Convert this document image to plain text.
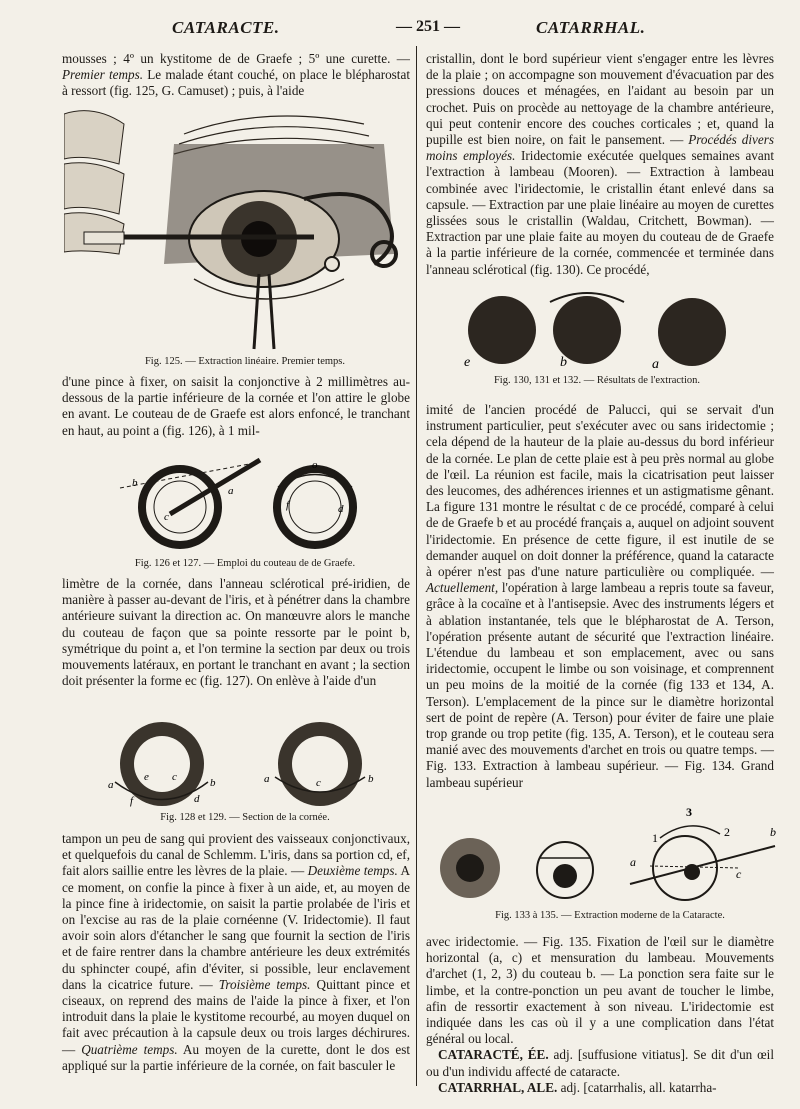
CATARACTE.	— 251 —	CATARRHAL.

mousses ; 4º un kystitome de de Graefe ; 5º une curette. — Premier temps. Le malade étant couché, on place le blépharostat à ressort (fig. 125, G. Camuset) ; puis, à l'aide

Fig. 125. — Extraction linéaire. Premier temps.

d'une pince à fixer, on saisit la conjonctive à 2 millimètres au-dessous de la partie inférieure de la cornée et l'on attire le globe en avant. Le couteau de de Graefe est alors enfoncé, le tranchant en haut, au point a (fig. 126), à 1 mil-

b
a
c
o
f	d
Fig. 126 et 127. — Emploi du couteau de de Graefe.

limètre de la cornée, dans l'anneau sclérotical pré-iridien, de manière à passer au-devant de l'iris, et à pénétrer dans la chambre antérieure suivant la direction ac. On manœuvre alors le manche du couteau de façon que sa pointe ressorte par le point b, symétrique du point a, et l'on termine la section par deux ou trois mouvements latéraux, en portant le tranchant en avant ; la section doit présenter la forme ec (fig. 127). On enlève à l'aide d'un

a	b
c
e
f	d
a	b
c
Fig. 128 et 129. — Section de la cornée.

tampon un peu de sang qui provient des vaisseaux conjonctivaux, et quelquefois du canal de Schlemm. L'iris, dans sa portion cd, ef, fait alors saillie entre les lèvres de la plaie. — Deuxième temps. A ce moment, on confie la pince à fixer à un aide, et, au moyen de la pince fine à iridectomie, on saisit la partie prolabée de l'iris et on l'excise au ras de la plaie cornéenne (V. Iridectomie). Il faut avoir soin alors d'étancher le sang que fournit la section de l'iris et de faire rentrer dans la chambre antérieure les deux extrémités du sphincter coupé, afin d'éviter, si possible, leur enclavement dans la cicatrice future. — Troisième temps. Quittant pince et ciseaux, on reprend des mains de l'aide la pince à fixer, et l'on introduit dans la plaie le kystitome recourbé, au moyen duquel on fait avec précaution à la capsule deux ou trois larges déchirures. — Quatrième temps. Au moyen de la curette, dont le dos est appliqué sur la partie inférieure de la cornée, on fait basculer le

cristallin, dont le bord supérieur vient s'engager entre les lèvres de la plaie ; on accompagne son mouvement d'évacuation par des pressions douces et ménagées, en l'aidant au besoin par un crochet. Puis on procède au nettoyage de la chambre antérieure, qui peut contenir encore des couches corticales ; et, quand la pupille est bien noire, on fait le pansement. — Procédés divers moins employés. Iridectomie exécutée quelques semaines avant l'extraction à lambeau (Mooren). — Extraction à lambeau combinée avec l'iridectomie, le cristallin étant enlevé dans sa capsule. — Extraction par une plaie linéaire au moyen de curettes glissées sous le cristallin (Waldau, Critchett, Bowman). — Extraction par une plaie faite au moyen du couteau de de Graefe à la partie inférieure de la cornée, commencée et terminée dans l'anneau sclérotical (fig. 130). Ce procédé,

e	b	a
Fig. 130, 131 et 132. — Résultats de l'extraction.

imité de l'ancien procédé de Palucci, qui se servait d'un instrument particulier, peut s'exécuter avec ou sans iridectomie ; cela dépend de la hauteur de la plaie au-dessus du bord inférieur de la cornée. Le plan de cette plaie est à peu près normal au globe de l'œil. La réunion est facile, mais la cicatrisation peut laisser des leucomes, des adhérences iriennes et un astigmatisme gênant. La figure 131 montre le résultat c de ce procédé, comparé à celui de de Graefe b et au procédé français a, auquel on adjoint souvent l'iridectomie. En présence de cette figure, il est inutile de se demander auquel on doit donner la préférence, quand la cataracte à opérer n'est pas d'une nature particulière ou compliquée. — Actuellement, l'opération à large lambeau a repris toute sa faveur, grâce à la cocaïne et à l'antisepsie. Avec des instruments légers et à ablation instantanée, tels que le blépharostat de A. Terson, l'opération présente autant de sécurité que l'extraction linéaire. L'étendue du lambeau et son emplacement, avec ou sans iridectomie, occupent le limbe ou son voisinage, et comprennent un peu moins de la moitié de la cornée (fig 133 et 134, A. Terson). L'emplacement de la pince sur le diamètre horizontal sert de point de repère (A. Terson) pour éviter de faire une plaie trop grande ou trop petite (fig. 135, A. Terson), et le couteau sera manié avec des mouvements d'archet en trois ou quatre temps. — Fig. 133. Extraction à lambeau supérieur. — Fig. 134. Grand lambeau supérieur

1	2
3
a
b
c
Fig. 133 à 135. — Extraction moderne de la Cataracte.

avec iridectomie. — Fig. 135. Fixation de l'œil sur le diamètre horizontal (a, c) et mensuration du lambeau. Mouvements d'archet (1, 2, 3) du couteau b. — La ponction sera faite sur le limbe, et la contre-ponction un peu avant de toucher le limbe, afin de ressortir exactement à son niveau. L'iridectomie est indiquée dans les cas où il y a une complication dans l'état général ou local.

CATARACTÉ, ÉE. adj. [suffusione vitiatus]. Se dit d'un œil ou d'un individu affecté de cataracte.

CATARRHAL, ALE. adj. [catarrhalis, all. katarrha-
